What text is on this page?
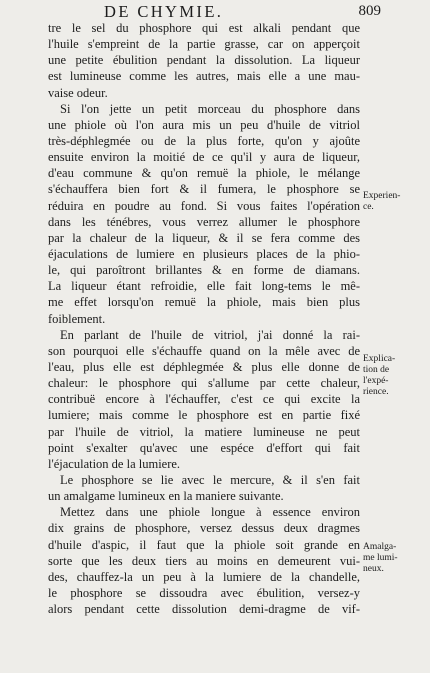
DE CHYMIE.	809
tre le sel du phosphore qui est alkali pendant que
l'huile s'empreint de la partie grasse, car on apperçoit
une petite ébulition pendant la dissolution. La liqueur
est lumineuse comme les autres, mais elle a une mau-
vaise odeur.
Si l'on jette un petit morceau du phosphore dans
une phiole où l'on aura mis un peu d'huile de vitriol
très-déphlegmée ou de la plus forte, qu'on y ajoûte
ensuite environ la moitié de ce qu'il y aura de liqueur,
d'eau commune & qu'on remuë la phiole, le mélange
s'échauffera bien fort & il fumera, le phosphore se
réduira en poudre au fond. Si vous faites l'opération
dans les ténébres, vous verrez allumer le phosphore
par la chaleur de la liqueur, & il se fera comme des
éjaculations de lumiere en plusieurs places de la phio-
le, qui paroîtront brillantes & en forme de diamans.
La liqueur étant refroidie, elle fait long-tems le mê-
me effet lorsqu'on remuë la phiole, mais bien plus
foiblement.
En parlant de l'huile de vitriol, j'ai donné la rai-
son pourquoi elle s'échauffe quand on la mêle avec de
l'eau, plus elle est déphlegmée & plus elle donne de
chaleur: le phosphore qui s'allume par cette chaleur,
contribuë encore à l'échauffer, c'est ce qui excite la
lumiere; mais comme le phosphore est en partie fixé
par l'huile de vitriol, la matiere lumineuse ne peut
point s'exalter qu'avec une espéce d'effort qui fait
l'éjaculation de la lumiere.
Le phosphore se lie avec le mercure, & il s'en fait
un amalgame lumineux en la maniere suivante.
Mettez dans une phiole longue à essence environ
dix grains de phosphore, versez dessus deux dragmes
d'huile d'aspic, il faut que la phiole soit grande en
sorte que les deux tiers au moins en demeurent vui-
des, chauffez-la un peu à la lumiere de la chandelle,
le phosphore se dissoudra avec ébulition, versez-y
alors pendant cette dissolution demi-dragme de vif-
Experien-
ce.
Explica-
tion de
l'expé-
rience.
Amalga-
me lumi-
neux.
